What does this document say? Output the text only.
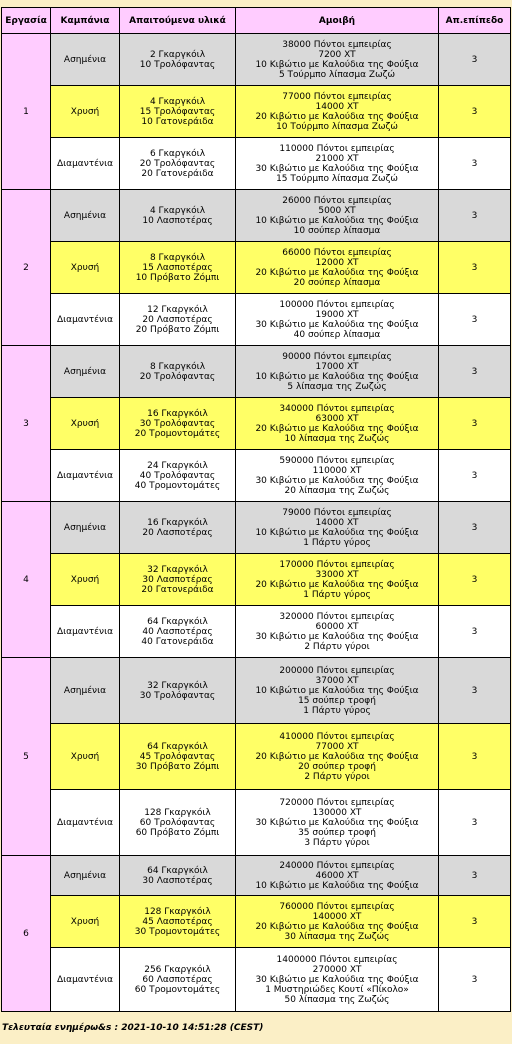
Εργασία	Καμπάνια	Απαιτούμενα υλικά	Αμοιβή	Απ.επίπεδο
1	Ασημένια	2 Γκαργκόιλ
10 Τρολόφαντας	38000 Πόντοι εμπειρίας
7200 XT
10 Κιβώτιο με Καλούδια της Φούξια
5 Τούρμπο λίπασμα Ζωζώ	3
	Χρυσή	4 Γκαργκόιλ
15 Τρολόφαντας
10 Γατονεράιδα	77000 Πόντοι εμπειρίας
14000 XT
20 Κιβώτιο με Καλούδια της Φούξια
10 Τούρμπο λίπασμα Ζωζώ	3
	Διαμαντένια	6 Γκαργκόιλ
20 Τρολόφαντας
20 Γατονεράιδα	110000 Πόντοι εμπειρίας
21000 XT
30 Κιβώτιο με Καλούδια της Φούξια
15 Τούρμπο λίπασμα Ζωζώ	3
2	Ασημένια	4 Γκαργκόιλ
10 Λασποτέρας	26000 Πόντοι εμπειρίας
5000 XT
10 Κιβώτιο με Καλούδια της Φούξια
10 σούπερ λίπασμα	3
	Χρυσή	8 Γκαργκόιλ
15 Λασποτέρας
10 Πρόβατο Ζόμπι	66000 Πόντοι εμπειρίας
12000 XT
20 Κιβώτιο με Καλούδια της Φούξια
20 σούπερ λίπασμα	3
	Διαμαντένια	12 Γκαργκόιλ
20 Λασποτέρας
20 Πρόβατο Ζόμπι	100000 Πόντοι εμπειρίας
19000 XT
30 Κιβώτιο με Καλούδια της Φούξια
40 σούπερ λίπασμα	3
3	Ασημένια	8 Γκαργκόιλ
20 Τρολόφαντας	90000 Πόντοι εμπειρίας
17000 XT
10 Κιβώτιο με Καλούδια της Φούξια
5 λίπασμα της Ζωζώς	3
	Χρυσή	16 Γκαργκόιλ
30 Τρολόφαντας
20 Τρομοντομάτες	340000 Πόντοι εμπειρίας
63000 XT
20 Κιβώτιο με Καλούδια της Φούξια
10 λίπασμα της Ζωζώς	3
	Διαμαντένια	24 Γκαργκόιλ
40 Τρολόφαντας
40 Τρομοντομάτες	590000 Πόντοι εμπειρίας
110000 XT
30 Κιβώτιο με Καλούδια της Φούξια
20 λίπασμα της Ζωζώς	3
4	Ασημένια	16 Γκαργκόιλ
20 Λασποτέρας	79000 Πόντοι εμπειρίας
14000 XT
10 Κιβώτιο με Καλούδια της Φούξια
1 Πάρτυ γύρος	3
	Χρυσή	32 Γκαργκόιλ
30 Λασποτέρας
20 Γατονεράιδα	170000 Πόντοι εμπειρίας
33000 XT
20 Κιβώτιο με Καλούδια της Φούξια
1 Πάρτυ γύρος	3
	Διαμαντένια	64 Γκαργκόιλ
40 Λασποτέρας
40 Γατονεράιδα	320000 Πόντοι εμπειρίας
60000 XT
30 Κιβώτιο με Καλούδια της Φούξια
2 Πάρτυ γύροι	3
5	Ασημένια	32 Γκαργκόιλ
30 Τρολόφαντας	200000 Πόντοι εμπειρίας
37000 XT
10 Κιβώτιο με Καλούδια της Φούξια
15 σούπερ τροφή
1 Πάρτυ γύρος	3
	Χρυσή	64 Γκαργκόιλ
45 Τρολόφαντας
30 Πρόβατο Ζόμπι	410000 Πόντοι εμπειρίας
77000 XT
20 Κιβώτιο με Καλούδια της Φούξια
20 σούπερ τροφή
2 Πάρτυ γύροι	3
	Διαμαντένια	128 Γκαργκόιλ
60 Τρολόφαντας
60 Πρόβατο Ζόμπι	720000 Πόντοι εμπειρίας
130000 XT
30 Κιβώτιο με Καλούδια της Φούξια
35 σούπερ τροφή
3 Πάρτυ γύροι	3
6	Ασημένια	64 Γκαργκόιλ
30 Λασποτέρας	240000 Πόντοι εμπειρίας
46000 XT
10 Κιβώτιο με Καλούδια της Φούξια	3
	Χρυσή	128 Γκαργκόιλ
45 Λασποτέρας
30 Τρομοντομάτες	760000 Πόντοι εμπειρίας
140000 XT
20 Κιβώτιο με Καλούδια της Φούξια
30 λίπασμα της Ζωζώς	3
	Διαμαντένια	256 Γκαργκόιλ
60 Λασποτέρας
60 Τρομοντομάτες	1400000 Πόντοι εμπειρίας
270000 XT
30 Κιβώτιο με Καλούδια της Φούξια
1 Μυστηριώδες Κουτί «Πίκολο»
50 λίπασμα της Ζωζώς	3
Τελευταία ενημέρω&s : 2021-10-10 14:51:28 (CEST)
